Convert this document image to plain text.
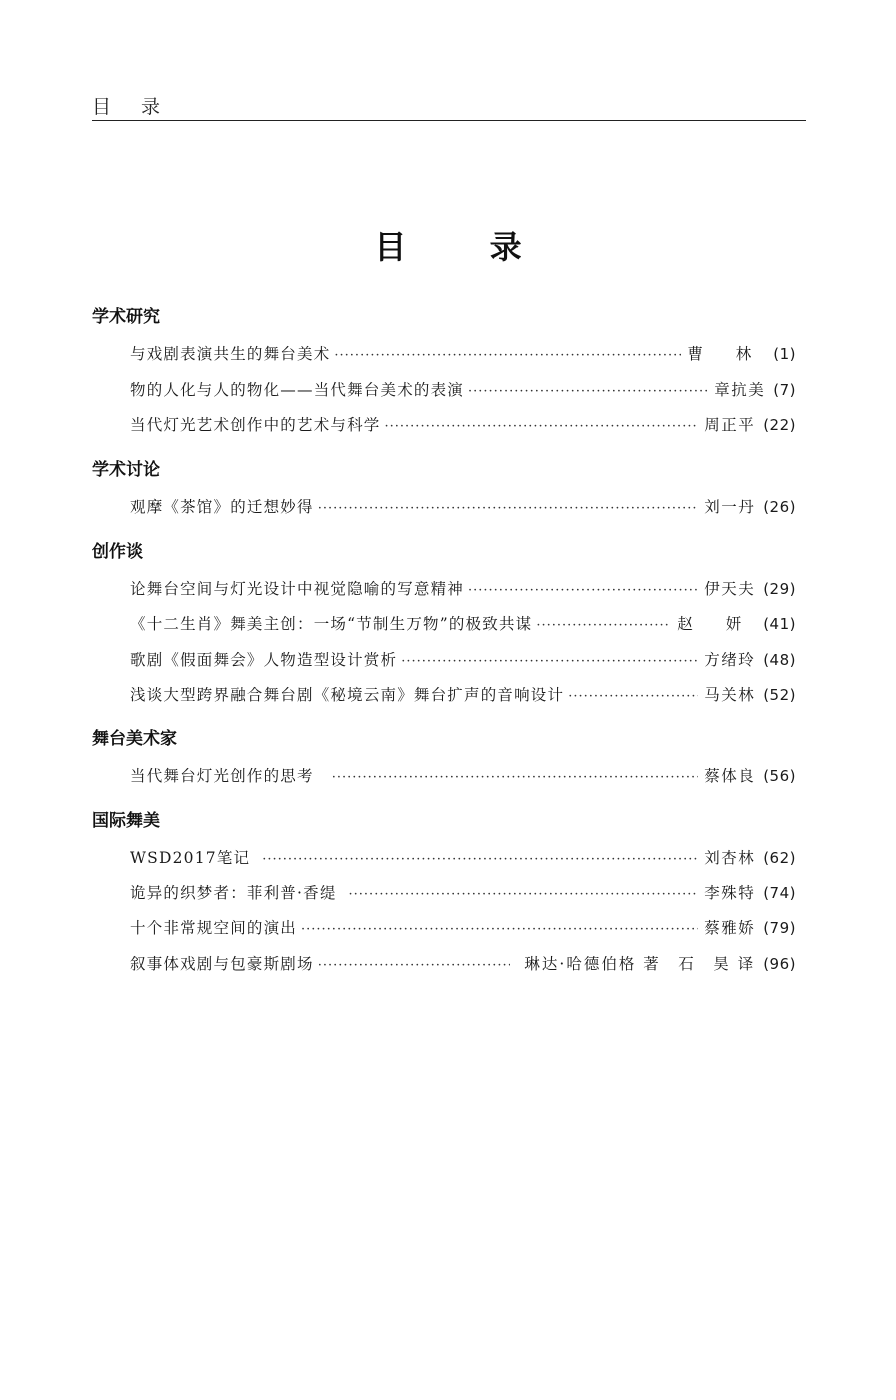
目 录
目 录
学术研究
与戏剧表演共生的舞台美术 ·····	曹 林 (1)
物的人化与人的物化——当代舞台美术的表演 ·····	章抗美 (7)
当代灯光艺术创作中的艺术与科学 ·····	周正平 (22)
学术讨论
观摩《茶馆》的迁想妙得 ·····	刘一丹 (26)
创作谈
论舞台空间与灯光设计中视觉隐喻的写意精神 ·····	伊天夫 (29)
《十二生肖》舞美主创：一场“节制生万物”的极致共谋 ·····	赵 妍 (41)
歌剧《假面舞会》人物造型设计赏析 ·····	方绪玲 (48)
浅谈大型跨界融合舞台剧《秘境云南》舞台扩声的音响设计 ·····	马关林 (52)
舞台美术家
当代舞台灯光创作的思考 ·····	蔡体良 (56)
国际舞美
WSD2017笔记 ·····	刘杏林 (62)
诡异的织梦者：菲利普·香缇 ·····	李殊特 (74)
十个非常规空间的演出 ·····	蔡雅娇 (79)
叙事体戏剧与包豪斯剧场 ·····	琳达·哈德伯格 著　石　昊 译 (96)
